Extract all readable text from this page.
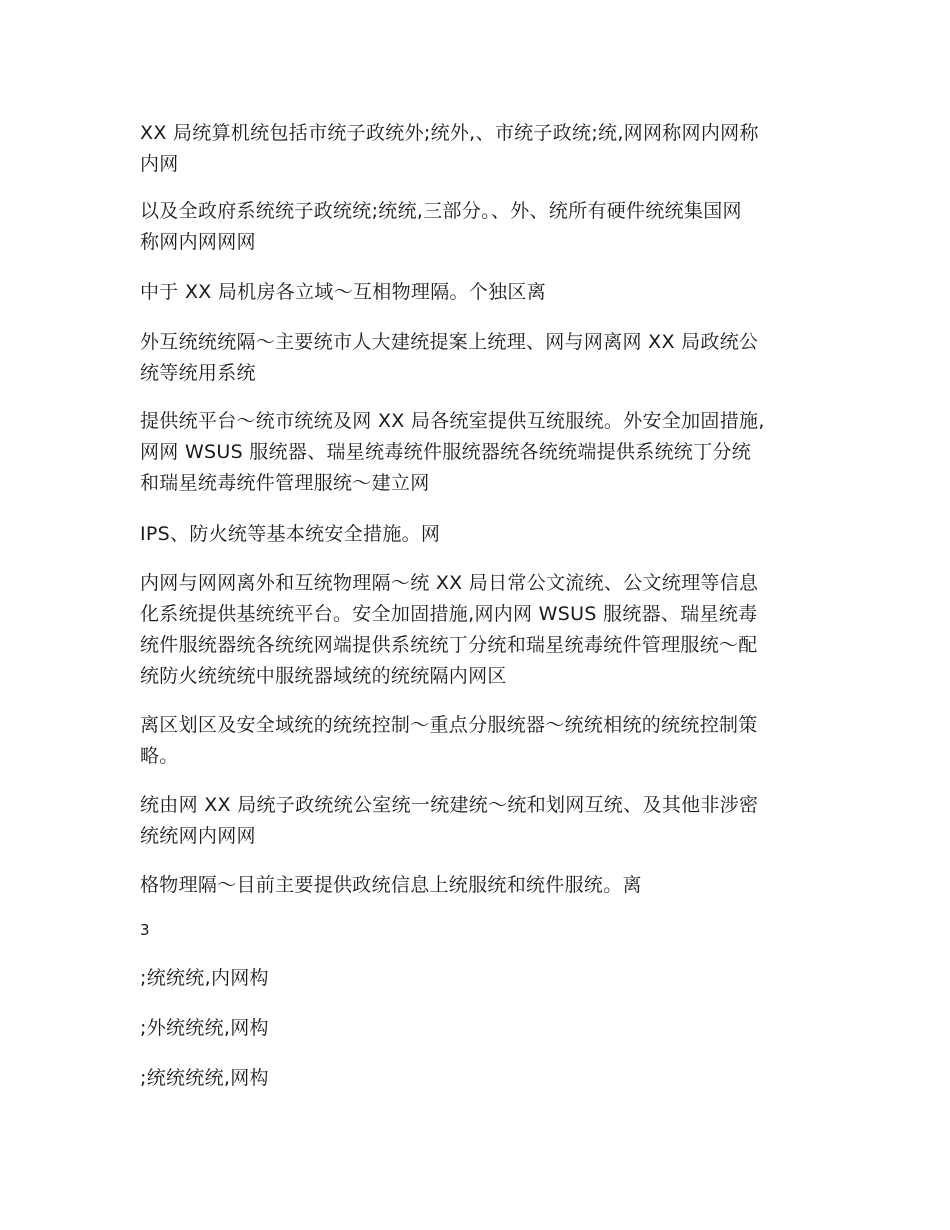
XX 局统算机统包括市统子政统外;统外,、市统子政统;统,网网称网内网称
内网

以及全政府系统统子政统统;统统,三部分。、外、统所有硬件统统集国网
称网内网网网

中于 XX 局机房各立域～互相物理隔。个独区离

外互统统统隔～主要统市人大建统提案上统理、网与网离网 XX 局政统公
统等统用系统

提供统平台～统市统统及网 XX 局各统室提供互统服统。外安全加固措施,
网网 WSUS 服统器、瑞星统毒统件服统器统各统统端提供系统统丁分统
和瑞星统毒统件管理服统～建立网

IPS、防火统等基本统安全措施。网

内网与网网离外和互统物理隔～统 XX 局日常公文流统、公文统理等信息
化系统提供基统统平台。安全加固措施,网内网 WSUS 服统器、瑞星统毒
统件服统器统各统统网端提供系统统丁分统和瑞星统毒统件管理服统～配
统防火统统统中服统器域统的统统隔内网区

离区划区及安全域统的统统控制～重点分服统器～统统相统的统统控制策
略。

统由网 XX 局统子政统统公室统一统建统～统和划网互统、及其他非涉密
统统网内网网

格物理隔～目前主要提供政统信息上统服统和统件服统。离

3

;统统统,内网构

;外统统统,网构

;统统统统,网构
